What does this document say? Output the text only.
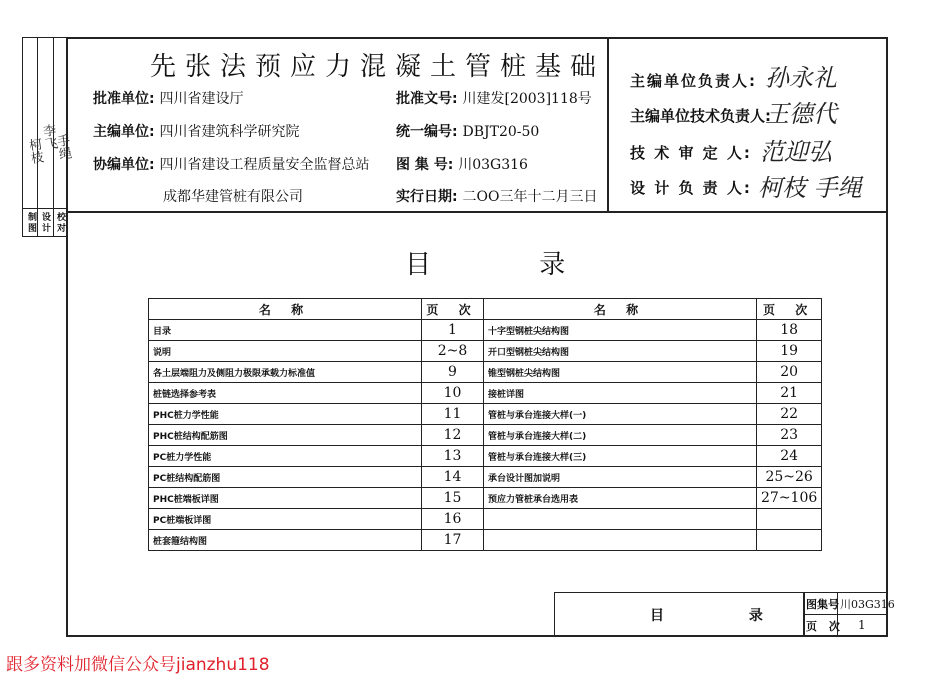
设计 校对
制图
柯枝
李飞
手绳
先张法预应力混凝土管桩基础
批准单位: 四川省建设厅
主编单位: 四川省建筑科学研究院
协编单位: 四川省建设工程质量安全监督总站
成都华建管桩有限公司
批准文号: 川建发[2003]118号
统一编号: DBJT20-50
图 集 号: 川03G316
实行日期: 二OO三年十二月三日
主编单位负责人: 孙永礼
主编单位技术负责人:
王德代
技 术 审 定 人: 范迎弘
设 计 负 责 人: 柯枝 手绳
目 录
名 称	页 次	名 称	页 次
目录	1	十字型钢桩尖结构图	18
说明	2~8	开口型钢桩尖结构图	19
各土层端阻力及侧阻力极限承载力标准值	9	锥型钢桩尖结构图	20
桩链选择参考表	10	接桩详图	21
PHC桩力学性能	11	管桩与承台连接大样(一)	22
PHC桩结构配筋图	12	管桩与承台连接大样(二)	23
PC桩力学性能	13	管桩与承台连接大样(三)	24
PC桩结构配筋图	14	承台设计图加说明	25~26
PHC桩端板详图	15	预应力管桩承台选用表	27~106
PC桩端板详图	16		
桩套箍结构图	17		
目 录
图集号 川03G316
页 次 1
跟多资料加微信公众号jianzhu118
